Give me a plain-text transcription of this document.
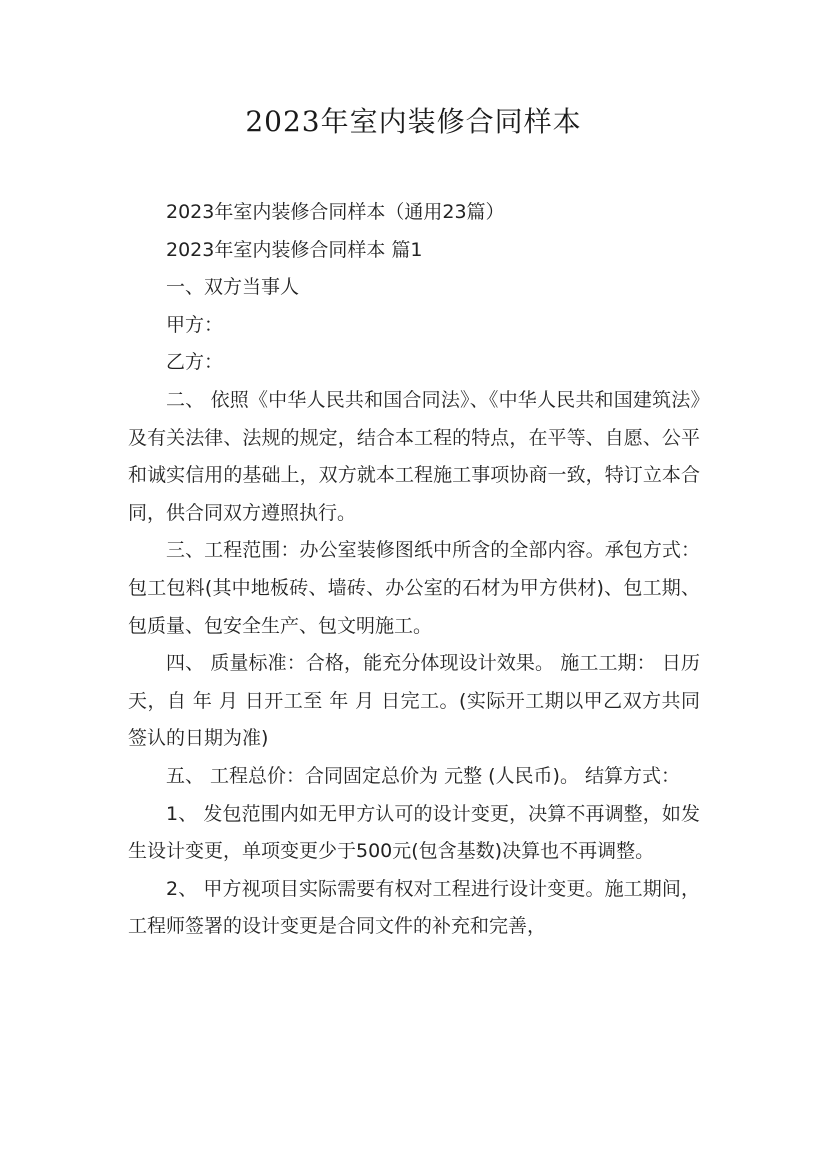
2023年室内装修合同样本

2023年室内装修合同样本（通用23篇）

2023年室内装修合同样本 篇1

一、双方当事人

甲方：

乙方：

二、 依照《中华人民共和国合同法》、《中华人民共和国建筑法》及有关法律、法规的规定，结合本工程的特点，在平等、自愿、公平和诚实信用的基础上，双方就本工程施工事项协商一致，特订立本合同，供合同双方遵照执行。

三、工程范围：办公室装修图纸中所含的全部内容。承包方式：包工包料(其中地板砖、墙砖、办公室的石材为甲方供材)、包工期、包质量、包安全生产、包文明施工。

四、 质量标准：合格，能充分体现设计效果。 施工工期： 日历天，自 年 月 日开工至 年 月 日完工。(实际开工期以甲乙双方共同签认的日期为准)

五、 工程总价：合同固定总价为 元整 (人民币)。 结算方式：

1、 发包范围内如无甲方认可的设计变更，决算不再调整，如发生设计变更，单项变更少于500元(包含基数)决算也不再调整。

2、 甲方视项目实际需要有权对工程进行设计变更。施工期间，工程师签署的设计变更是合同文件的补充和完善，
